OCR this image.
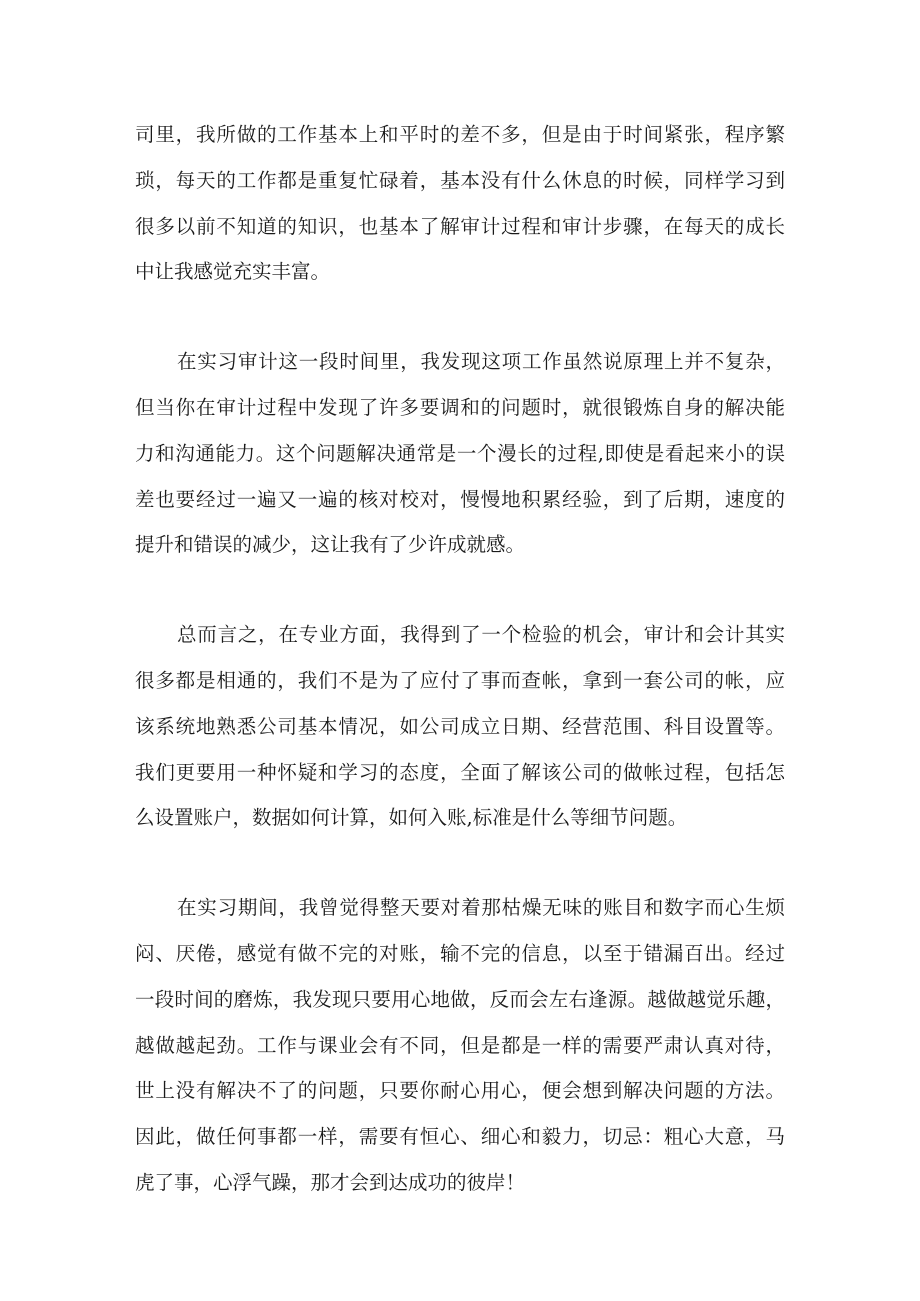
司里，我所做的工作基本上和平时的差不多，但是由于时间紧张，程序繁
琐，每天的工作都是重复忙碌着，基本没有什么休息的时候，同样学习到
很多以前不知道的知识，也基本了解审计过程和审计步骤，在每天的成长
中让我感觉充实丰富。
在实习审计这一段时间里，我发现这项工作虽然说原理上并不复杂，
但当你在审计过程中发现了许多要调和的问题时，就很锻炼自身的解决能
力和沟通能力。这个问题解决通常是一个漫长的过程,即使是看起来小的误
差也要经过一遍又一遍的核对校对，慢慢地积累经验，到了后期，速度的
提升和错误的减少，这让我有了少许成就感。
总而言之，在专业方面，我得到了一个检验的机会，审计和会计其实
很多都是相通的，我们不是为了应付了事而查帐，拿到一套公司的帐，应
该系统地熟悉公司基本情况，如公司成立日期、经营范围、科目设置等。
我们更要用一种怀疑和学习的态度，全面了解该公司的做帐过程，包括怎
么设置账户，数据如何计算，如何入账,标准是什么等细节问题。
在实习期间，我曾觉得整天要对着那枯燥无味的账目和数字而心生烦
闷、厌倦，感觉有做不完的对账，输不完的信息，以至于错漏百出。经过
一段时间的磨炼，我发现只要用心地做，反而会左右逢源。越做越觉乐趣，
越做越起劲。工作与课业会有不同，但是都是一样的需要严肃认真对待，
世上没有解决不了的问题，只要你耐心用心，便会想到解决问题的方法。
因此，做任何事都一样，需要有恒心、细心和毅力，切忌：粗心大意，马
虎了事，心浮气躁，那才会到达成功的彼岸！
